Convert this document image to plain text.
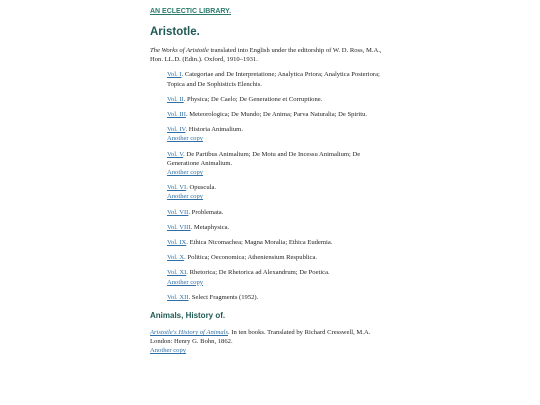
AN ECLECTIC LIBRARY.
Aristotle.

The Works of Aristotle translated into English under the editorship of W. D. Ross, M.A., Hon. LL.D. (Edin.). Oxford, 1910–1931.

Vol. I. Categoriae and De Interpretatione; Analytica Priora; Analytica Posteriora; Topica and De Sophisticis Elenchis.
Vol. II. Physica; De Caelo; De Generatione et Corruptione.
Vol. III. Meteorologica; De Mundo; De Anima; Parva Naturalia; De Spiritu.
Vol. IV. Historia Animalium.
Another copy
Vol. V. De Partibus Animalium; De Motu and De Incessu Animalium; De Generatione Animalium.
Another copy
Vol. VI. Opuscula.
Another copy
Vol. VII. Problemata.
Vol. VIII. Metaphysica.
Vol. IX. Ethica Nicomachea; Magna Moralia; Ethica Eudemia.
Vol. X. Politica; Oeconomica; Atheniensium Respublica.
Vol. XI. Rhetorica; De Rhetorica ad Alexandrum; De Poetica.
Another copy
Vol. XII. Select Fragments (1952).
Animals, History of.
Aristotle's History of Animals. In ten books. Translated by Richard Cresswell, M.A. London: Henry G. Bohn, 1862.
Another copy
